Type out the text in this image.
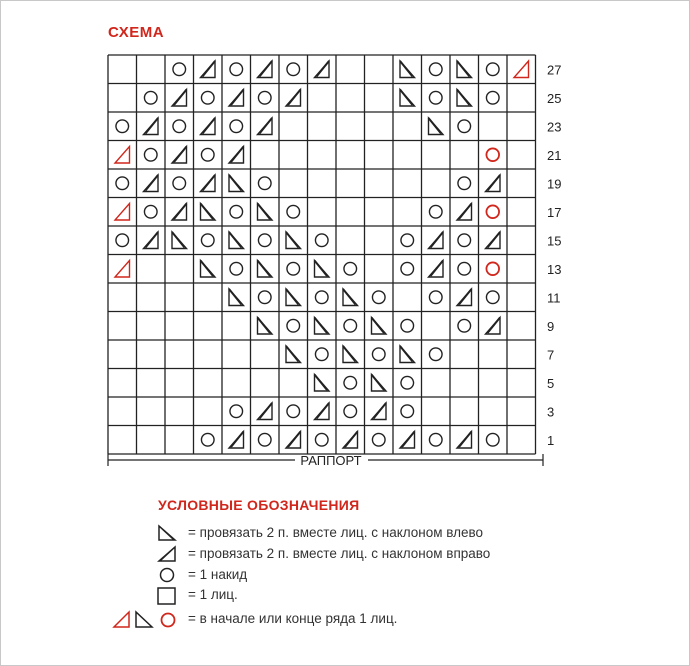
СХЕМА
27
25
23
21
19
17
15
13
11
9
7
5
3
1
РАППОРТ
УСЛОВНЫЕ ОБОЗНАЧЕНИЯ
= провязать 2 п. вместе лиц. с наклоном влево
= провязать 2 п. вместе лиц. с наклоном вправо
= 1 накид
= 1 лиц.
= в начале или конце ряда 1 лиц.
